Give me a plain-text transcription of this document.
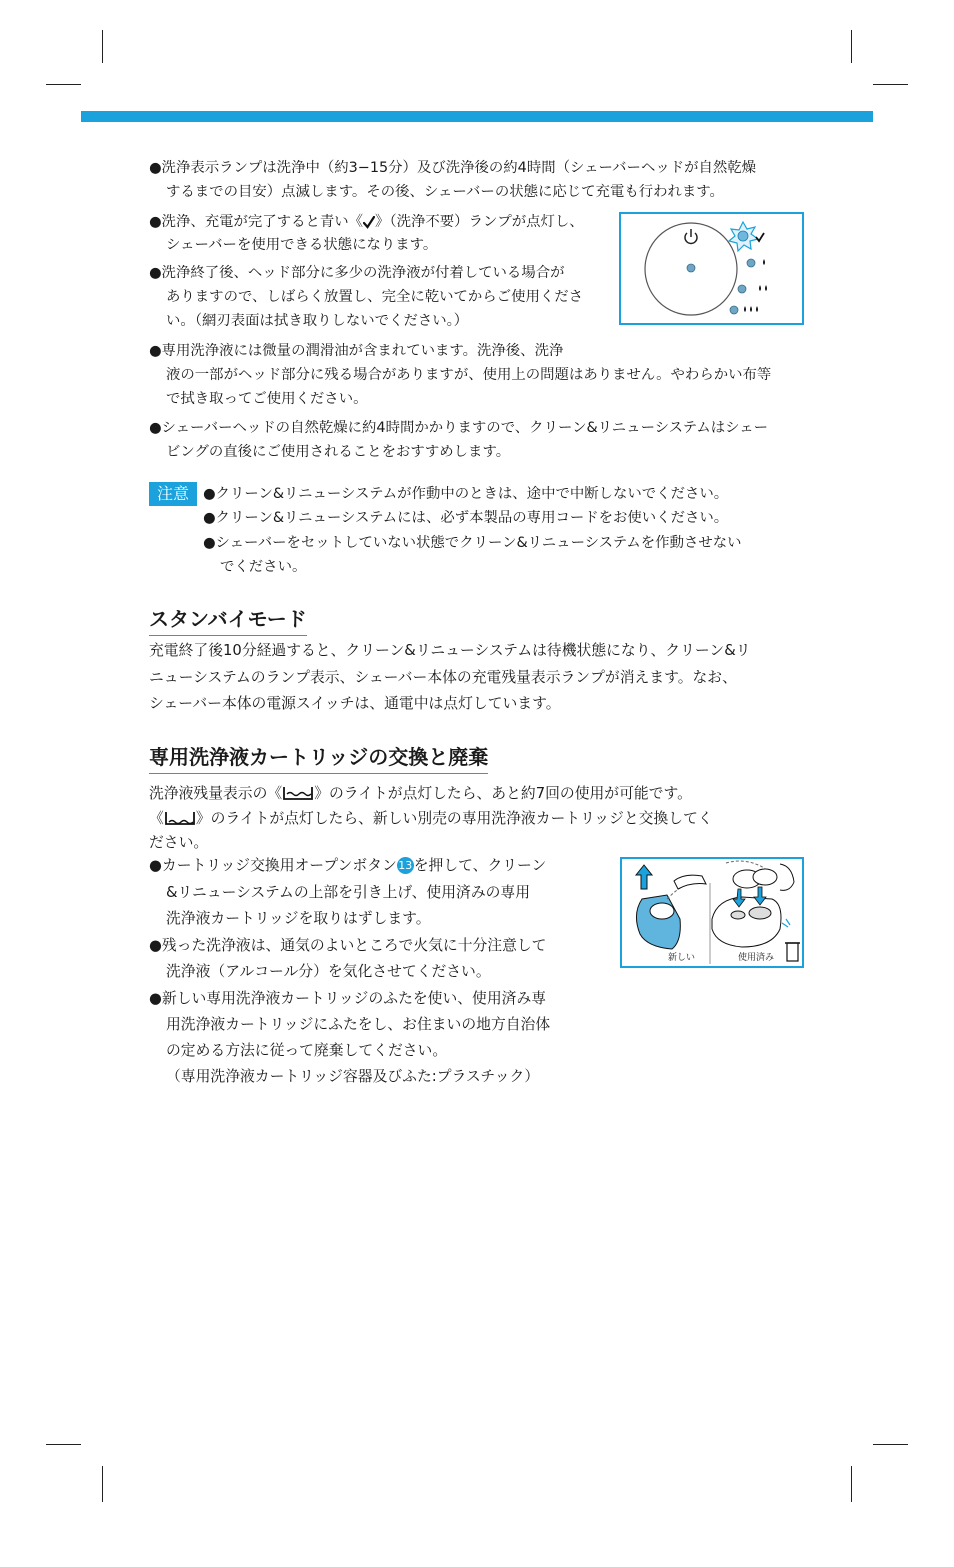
●洗浄表示ランプは洗浄中（約3−15分）及び洗浄後の約4時間（シェーバーヘッドが自然乾燥

するまでの目安）点滅します。その後、シェーバーの状態に応じて充電も行われます。

●洗浄、充電が完了すると青い《 》（洗浄不要）ランプが点灯し、

シェーバーを使用できる状態になります。

●洗浄終了後、ヘッド部分に多少の洗浄液が付着している場合が

ありますので、しばらく放置し、完全に乾いてからご使用くださ

い。（網刃表面は拭き取りしないでください。）

●専用洗浄液には微量の潤滑油が含まれています。洗浄後、洗浄

液の一部がヘッド部分に残る場合がありますが、使用上の問題はありません。やわらかい布等

で拭き取ってご使用ください。

●シェーバーヘッドの自然乾燥に約4時間かかりますので、クリーン&リニューシステムはシェー

ビングの直後にご使用されることをおすすめします。

注意 ●クリーン&リニューシステムが作動中のときは、途中で中断しないでください。

●クリーン&リニューシステムには、必ず本製品の専用コードをお使いください。

●シェーバーをセットしていない状態でクリーン&リニューシステムを作動させない

でください。

スタンバイモード

充電終了後10分経過すると、クリーン&リニューシステムは待機状態になり、クリーン&リ

ニューシステムのランプ表示、シェーバー本体の充電残量表示ランプが消えます。なお、

シェーバー本体の電源スイッチは、通電中は点灯しています。

専用洗浄液カートリッジの交換と廃棄

洗浄液残量表示の《 》のライトが点灯したら、あと約7回の使用が可能です。

《 》のライトが点灯したら、新しい別売の専用洗浄液カートリッジと交換してく

ださい。

●カートリッジ交換用オープンボタン 13 を押して、クリーン

&リニューシステムの上部を引き上げ、使用済みの専用

洗浄液カートリッジを取りはずします。

●残った洗浄液は、通気のよいところで火気に十分注意して

洗浄液（アルコール分）を気化させてください。

●新しい専用洗浄液カートリッジのふたを使い、使用済み専

用洗浄液カートリッジにふたをし、お住まいの地方自治体

の定める方法に従って廃棄してください。

（専用洗浄液カートリッジ容器及びふた:プラスチック）

新しい	使用済み
